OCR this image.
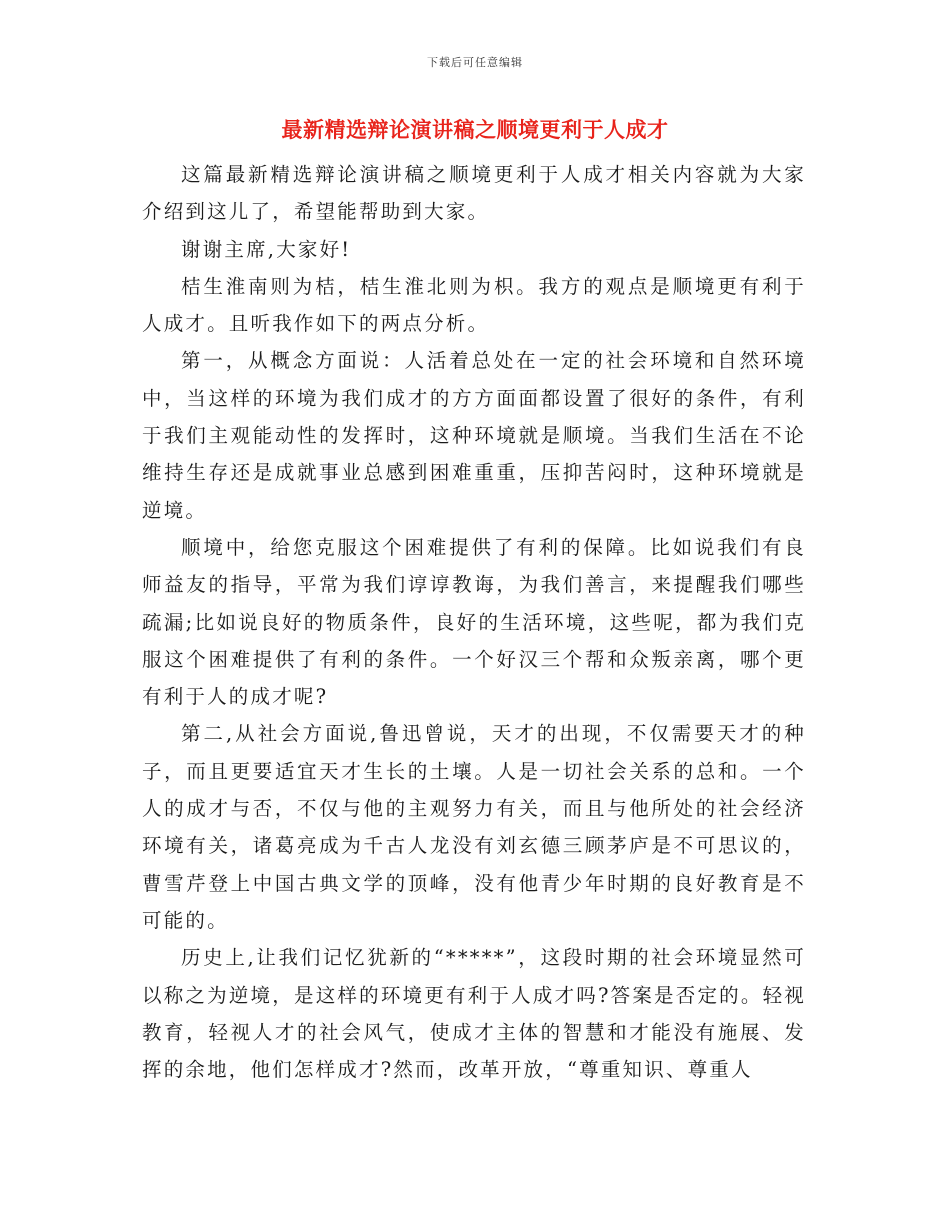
下载后可任意编辑
最新精选辩论演讲稿之顺境更利于人成才

这篇最新精选辩论演讲稿之顺境更利于人成才相关内容就为大家介绍到这儿了，希望能帮助到大家。

谢谢主席,大家好!

桔生淮南则为桔，桔生淮北则为枳。我方的观点是顺境更有利于人成才。且听我作如下的两点分析。

第一，从概念方面说：人活着总处在一定的社会环境和自然环境中，当这样的环境为我们成才的方方面面都设置了很好的条件，有利于我们主观能动性的发挥时，这种环境就是顺境。当我们生活在不论维持生存还是成就事业总感到困难重重，压抑苦闷时，这种环境就是逆境。

顺境中，给您克服这个困难提供了有利的保障。比如说我们有良师益友的指导，平常为我们谆谆教诲，为我们善言，来提醒我们哪些疏漏;比如说良好的物质条件，良好的生活环境，这些呢，都为我们克服这个困难提供了有利的条件。一个好汉三个帮和众叛亲离，哪个更有利于人的成才呢?

第二,从社会方面说,鲁迅曾说，天才的出现，不仅需要天才的种子，而且更要适宜天才生长的土壤。人是一切社会关系的总和。一个人的成才与否，不仅与他的主观努力有关，而且与他所处的社会经济环境有关，诸葛亮成为千古人龙没有刘玄德三顾茅庐是不可思议的，曹雪芹登上中国古典文学的顶峰，没有他青少年时期的良好教育是不可能的。

历史上,让我们记忆犹新的“*****”，这段时期的社会环境显然可以称之为逆境，是这样的环境更有利于人成才吗?答案是否定的。轻视教育，轻视人才的社会风气，使成才主体的智慧和才能没有施展、发挥的余地，他们怎样成才?然而，改革开放，“尊重知识、尊重人
